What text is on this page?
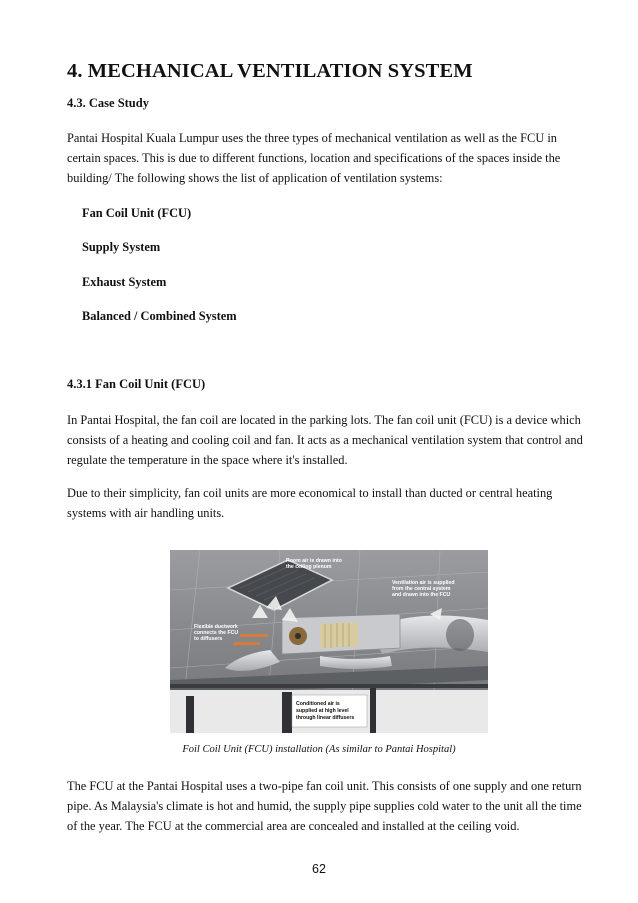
4. MECHANICAL VENTILATION SYSTEM

4.3. Case Study

Pantai Hospital Kuala Lumpur uses the three types of mechanical ventilation as well as the FCU in certain spaces. This is due to different functions, location and specifications of the spaces inside the building/ The following shows the list of application of ventilation systems:

Fan Coil Unit (FCU)

Supply System

Exhaust System

Balanced / Combined System

4.3.1 Fan Coil Unit (FCU)

In Pantai Hospital, the fan coil are located in the parking lots. The fan coil unit (FCU) is a device which consists of a heating and cooling coil and fan. It acts as a mechanical ventilation system that control and regulate the temperature in the space where it's installed.

Due to their simplicity, fan coil units are more economical to install than ducted or central heating systems with air handling units.

Room air is drawn into
the ceiling plenum
Ventilation air is supplied
from the central system
and drawn into the FCU
Flexible ductwork
connects the FCU
to diffusers
Conditioned air is
supplied at high level
through linear diffusers

Foil Coil Unit (FCU) installation (As similar to Pantai Hospital)

The FCU at the Pantai Hospital uses a two-pipe fan coil unit. This consists of one supply and one return pipe. As Malaysia's climate is hot and humid, the supply pipe supplies cold water to the unit all the time of the year. The FCU at the commercial area are concealed and installed at the ceiling void.

62
